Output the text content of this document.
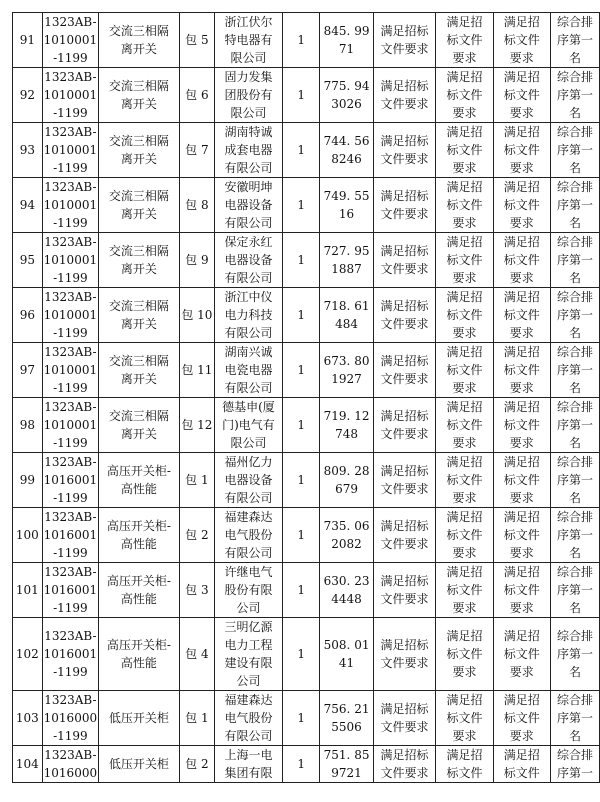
91	1323AB-
1010001
-1199	交流三相隔
离开关	包 5	浙江伏尔
特电器有
限公司	1	845. 99
71	满足招标
文件要求	满足招
标文件
要求	满足招
标文件
要求	综合排
序第一
名
92	1323AB-
1010001
-1199	交流三相隔
离开关	包 6	固力发集
团股份有
限公司	1	775. 94
3026	满足招标
文件要求	满足招
标文件
要求	满足招
标文件
要求	综合排
序第一
名
93	1323AB-
1010001
-1199	交流三相隔
离开关	包 7	湖南特诚
成套电器
有限公司	1	744. 56
8246	满足招标
文件要求	满足招
标文件
要求	满足招
标文件
要求	综合排
序第一
名
94	1323AB-
1010001
-1199	交流三相隔
离开关	包 8	安徽明坤
电器设备
有限公司	1	749. 55
16	满足招标
文件要求	满足招
标文件
要求	满足招
标文件
要求	综合排
序第一
名
95	1323AB-
1010001
-1199	交流三相隔
离开关	包 9	保定永红
电器设备
有限公司	1	727. 95
1887	满足招标
文件要求	满足招
标文件
要求	满足招
标文件
要求	综合排
序第一
名
96	1323AB-
1010001
-1199	交流三相隔
离开关	包 10	浙江中仪
电力科技
有限公司	1	718. 61
484	满足招标
文件要求	满足招
标文件
要求	满足招
标文件
要求	综合排
序第一
名
97	1323AB-
1010001
-1199	交流三相隔
离开关	包 11	湖南兴诚
电瓷电器
有限公司	1	673. 80
1927	满足招标
文件要求	满足招
标文件
要求	满足招
标文件
要求	综合排
序第一
名
98	1323AB-
1010001
-1199	交流三相隔
离开关	包 12	德基申(厦
门)电气有
限公司	1	719. 12
748	满足招标
文件要求	满足招
标文件
要求	满足招
标文件
要求	综合排
序第一
名
99	1323AB-
1016001
-1199	高压开关柜-
高性能	包 1	福州亿力
电器设备
有限公司	1	809. 28
679	满足招标
文件要求	满足招
标文件
要求	满足招
标文件
要求	综合排
序第一
名
100	1323AB-
1016001
-1199	高压开关柜-
高性能	包 2	福建森达
电气股份
有限公司	1	735. 06
2082	满足招标
文件要求	满足招
标文件
要求	满足招
标文件
要求	综合排
序第一
名
101	1323AB-
1016001
-1199	高压开关柜-
高性能	包 3	许继电气
股份有限
公司	1	630. 23
4448	满足招标
文件要求	满足招
标文件
要求	满足招
标文件
要求	综合排
序第一
名
102	1323AB-
1016001
-1199	高压开关柜-
高性能	包 4	三明亿源
电力工程
建设有限
公司	1	508. 01
41	满足招标
文件要求	满足招
标文件
要求	满足招
标文件
要求	综合排
序第一
名
103	1323AB-
1016000
-1199	低压开关柜	包 1	福建森达
电气股份
有限公司	1	756. 21
5506	满足招标
文件要求	满足招
标文件
要求	满足招
标文件
要求	综合排
序第一
名
104	1323AB-
1016000	低压开关柜	包 2	上海一电
集团有限	1	751. 85
9721	满足招标
文件要求	满足招
标文件	满足招
标文件	综合排
序第一
